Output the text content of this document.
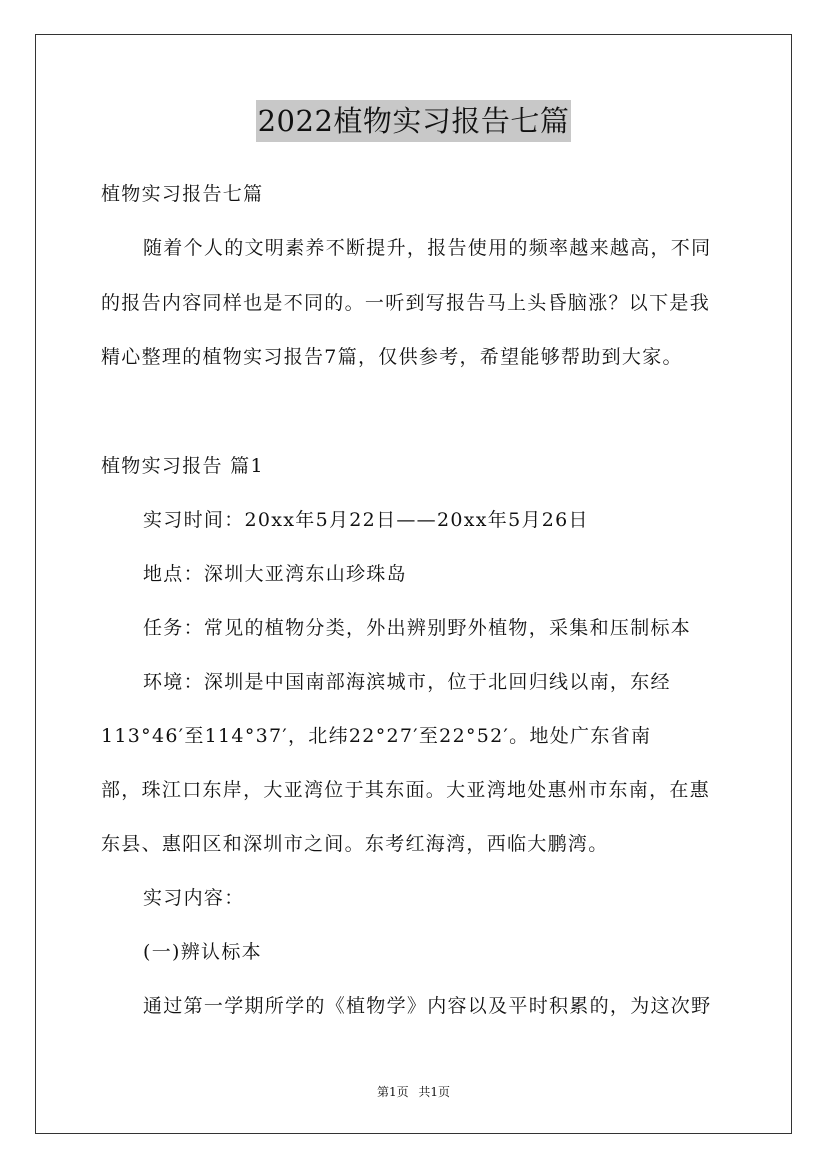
2022植物实习报告七篇
植物实习报告七篇
随着个人的文明素养不断提升，报告使用的频率越来越高，不同
的报告内容同样也是不同的。一听到写报告马上头昏脑涨？以下是我
精心整理的植物实习报告7篇，仅供参考，希望能够帮助到大家。
植物实习报告 篇1
实习时间：20xx年5月22日——20xx年5月26日
地点：深圳大亚湾东山珍珠岛
任务：常见的植物分类，外出辨别野外植物，采集和压制标本
环境：深圳是中国南部海滨城市，位于北回归线以南，东经
113°46′至114°37′，北纬22°27′至22°52′。地处广东省南
部，珠江口东岸，大亚湾位于其东面。大亚湾地处惠州市东南，在惠
东县、惠阳区和深圳市之间。东考红海湾，西临大鹏湾。
实习内容：
(一)辨认标本
通过第一学期所学的《植物学》内容以及平时积累的，为这次野
第1页 共1页
